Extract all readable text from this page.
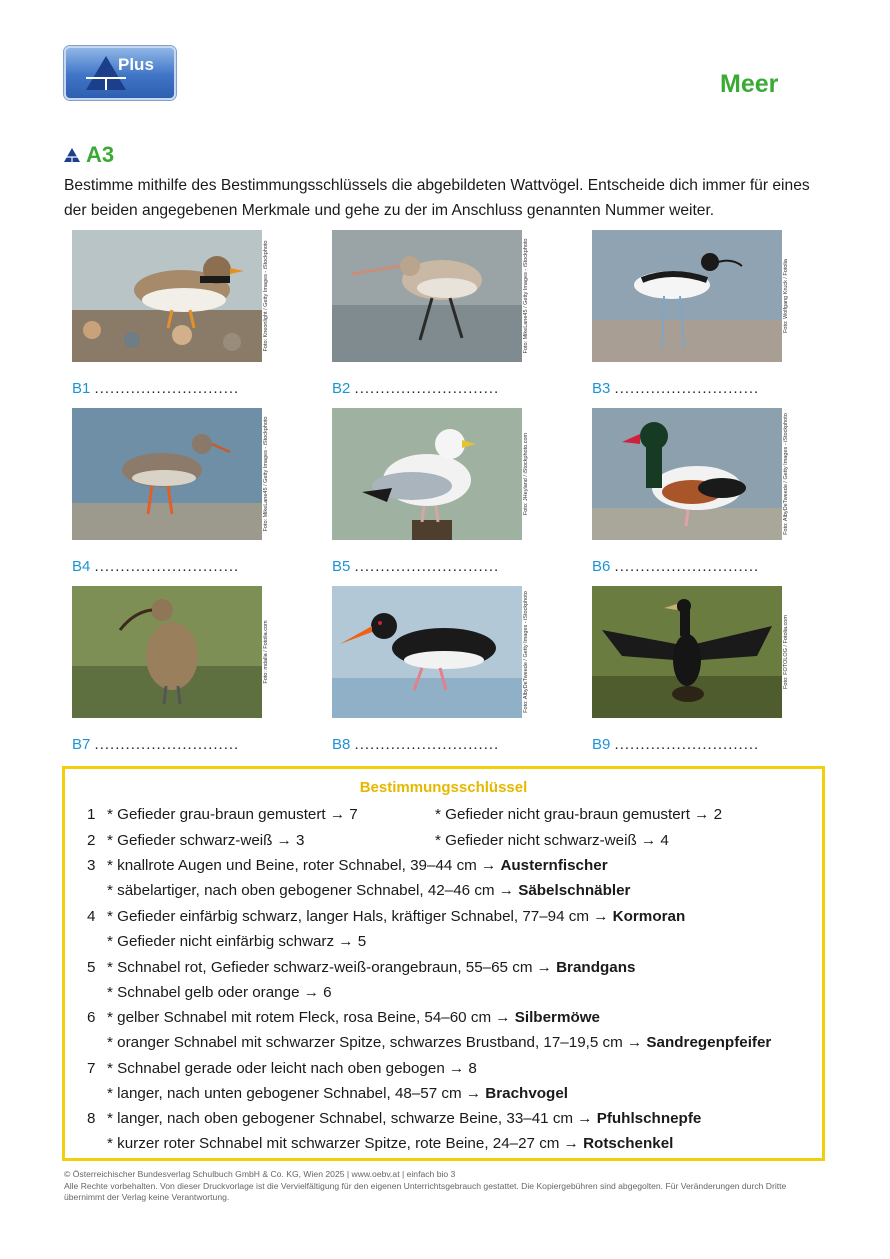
Plus
Meer
A3
Bestimme mithilfe des Bestimmungsschlüssels die abgebildeten Wattvögel. Entscheide dich immer für eines der beiden angegebenen Merkmale und gehe zu der im Anschluss genannten Nummer weiter.
Foto: Kneonlight / Getty Images - iStockphoto	Foto: MikeLane45 / Getty Images - iStockphoto	Foto: Wolfgang Kruck / Fotolia
B1 ............................	B2 ............................	B3 ............................
Foto: MikeLane45 / Getty Images - iStockphoto	Foto: JHeyland / iStockphoto.com	Foto: AlbyDeTweede / Getty Images - iStockphoto
B4 ............................	B5 ............................	B6 ............................
Foto: mdalla / Fotolia.com	Foto: AlbyDeTweede / Getty Images - iStockphoto	Foto: FOTOLOG / Fotolia.com
B7 ............................	B8 ............................	B9 ............................
Bestimmungsschlüssel
1 * Gefieder grau-braun gemustert → 7	* Gefieder nicht grau-braun gemustert → 2
2 * Gefieder schwarz-weiß → 3	* Gefieder nicht schwarz-weiß → 4
3 * knallrote Augen und Beine, roter Schnabel, 39–44 cm → Austernfischer
* säbelartiger, nach oben gebogener Schnabel, 42–46 cm → Säbelschnäbler
4 * Gefieder einfärbig schwarz, langer Hals, kräftiger Schnabel, 77–94 cm → Kormoran
* Gefieder nicht einfärbig schwarz → 5
5 * Schnabel rot, Gefieder schwarz-weiß-orangebraun, 55–65 cm → Brandgans
* Schnabel gelb oder orange → 6
6 * gelber Schnabel mit rotem Fleck, rosa Beine, 54–60 cm → Silbermöwe
* oranger Schnabel mit schwarzer Spitze, schwarzes Brustband, 17–19,5 cm → Sandregenpfeifer
7 * Schnabel gerade oder leicht nach oben gebogen → 8
* langer, nach unten gebogener Schnabel, 48–57 cm → Brachvogel
8 * langer, nach oben gebogener Schnabel, schwarze Beine, 33–41 cm → Pfuhlschnepfe
* kurzer roter Schnabel mit schwarzer Spitze, rote Beine, 24–27 cm → Rotschenkel
© Österreichischer Bundesverlag Schulbuch GmbH & Co. KG, Wien 2025 | www.oebv.at | einfach bio 3
Alle Rechte vorbehalten. Von dieser Druckvorlage ist die Vervielfältigung für den eigenen Unterrichtsgebrauch gestattet. Die Kopiergebühren sind abgegolten. Für Veränderungen durch Dritte übernimmt der Verlag keine Verantwortung.
